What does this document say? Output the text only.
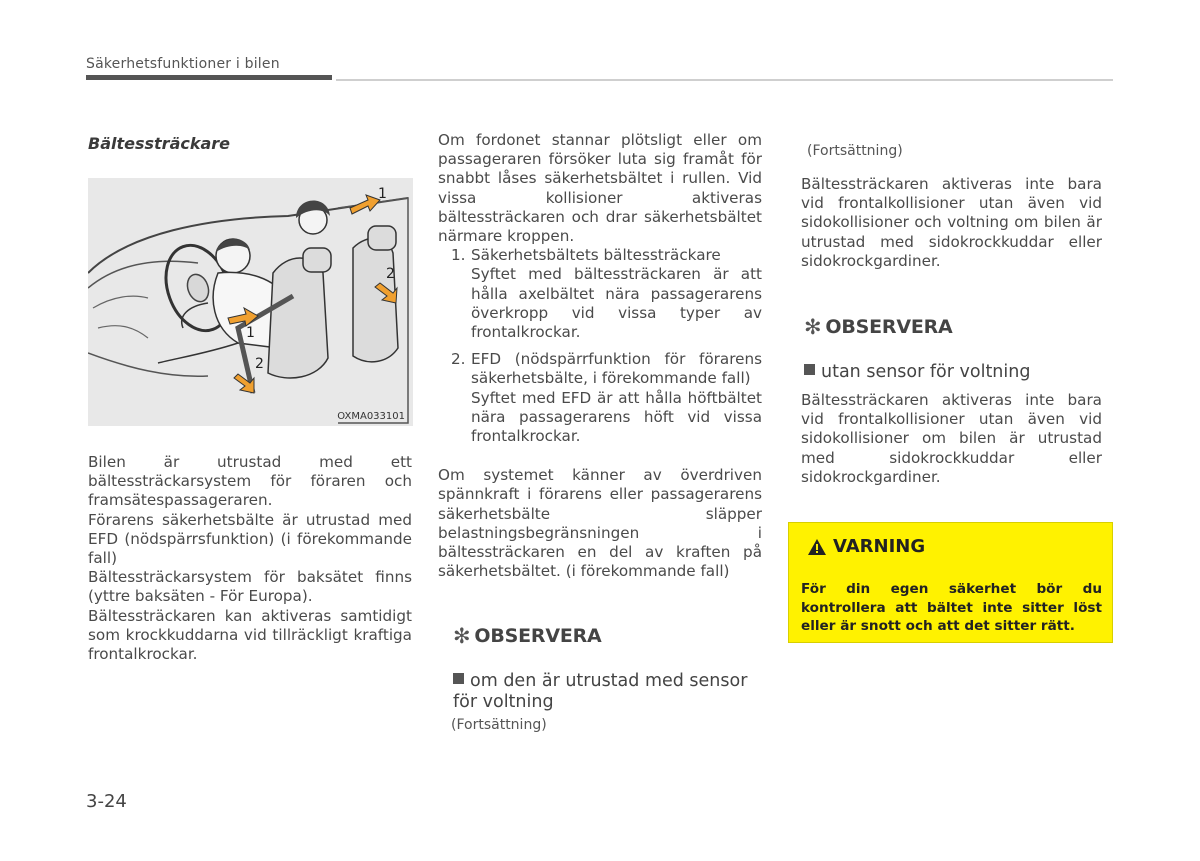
Säkerhetsfunktioner i bilen
Bältessträckare
1
2
1
2
OXMA033101
Bilen är utrustad med ett bältessträckarsystem för föraren och framsätespassageraren.
Förarens säkerhetsbälte är utrustad med EFD (nödspärrsfunktion) (i förekommande fall)
Bältessträckarsystem för baksätet finns (yttre baksäten - För Europa).
Bältessträckaren kan aktiveras samtidigt som krockkuddarna vid tillräckligt kraftiga frontalkrockar.
Om fordonet stannar plötsligt eller om passageraren försöker luta sig framåt för snabbt låses säkerhetsbältet i rullen. Vid vissa kollisioner aktiveras bältessträckaren och drar säkerhetsbältet närmare kroppen.
1. Säkerhetsbältets bältessträckare

Syftet med bältessträckaren är att hålla axelbältet nära passagerarens överkropp vid vissa typer av frontalkrockar.

2. EFD (nödspärrfunktion för förarens säkerhetsbälte, i förekommande fall)

Syftet med EFD är att hålla höftbältet nära passagerarens höft vid vissa frontalkrockar.

Om systemet känner av överdriven spännkraft i förarens eller passagerarens säkerhetsbälte släpper belastningsbegränsningen i bältessträckaren en del av kraften på säkerhetsbältet. (i förekommande fall)
✻ OBSERVERA
om den är utrustad med sensor för voltning
(Fortsättning)
(Fortsättning)
Bältessträckaren aktiveras inte bara vid frontalkollisioner utan även vid sidokollisioner och voltning om bilen är utrustad med sidokrockkuddar eller sidokrockgardiner.
✻ OBSERVERA
utan sensor för voltning
Bältessträckaren aktiveras inte bara vid frontalkollisioner utan även vid sidokollisioner om bilen är utrustad med sidokrockkuddar eller sidokrockgardiner.
VARNING
För din egen säkerhet bör du kontrollera att bältet inte sitter löst eller är snott och att det sitter rätt.
3-24
